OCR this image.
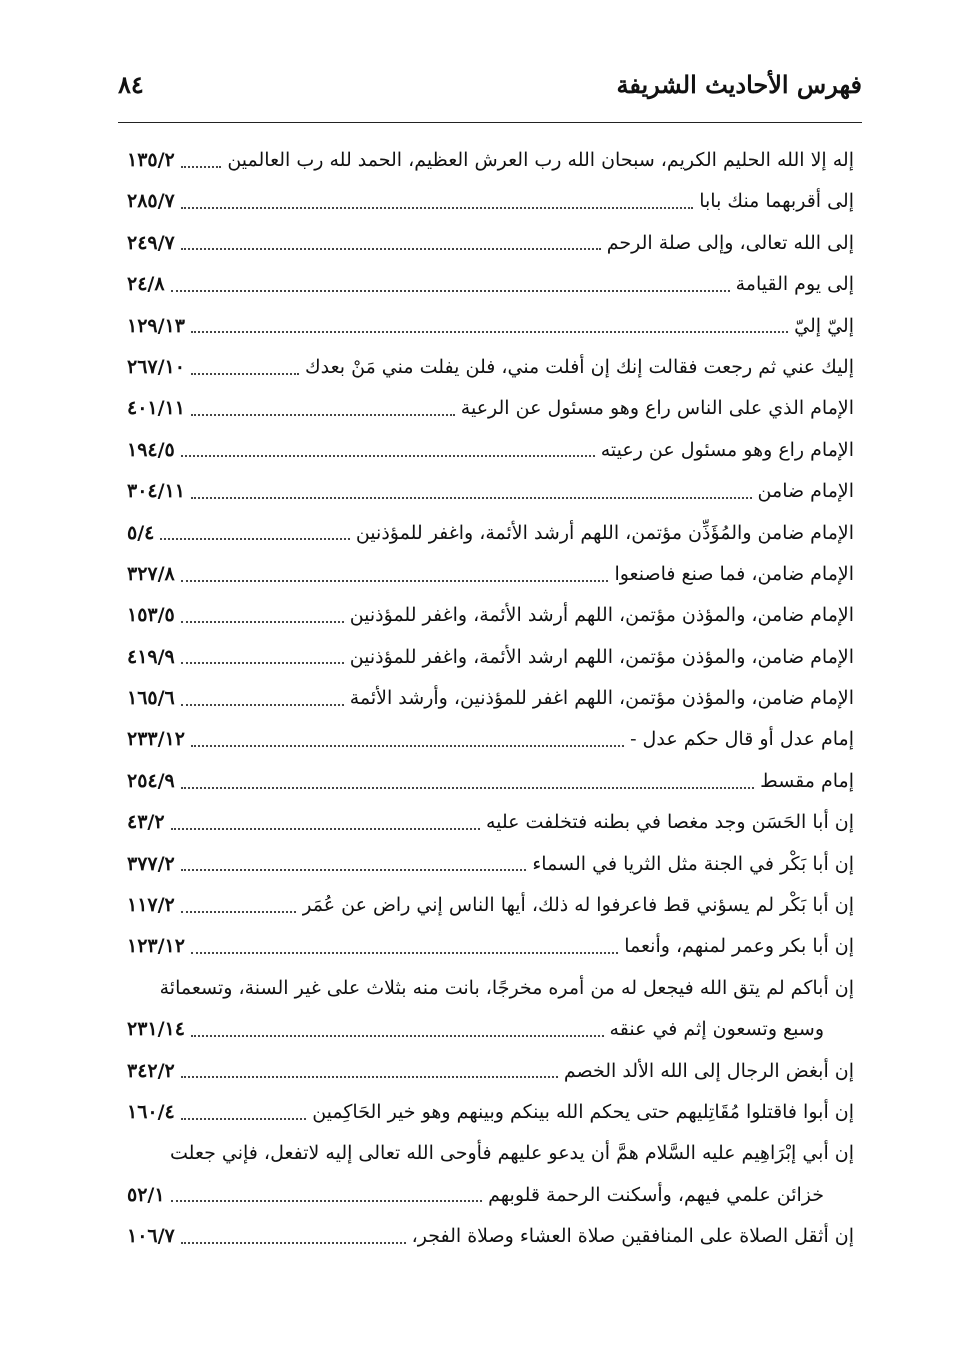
فهرس الأحاديث الشريفة
٨٤
إله إلا الله الحليم الكريم، سبحان الله رب العرش العظيم، الحمد لله رب العالمين
١٣٥/٢
إلى أقربهما منك بابا
٢٨٥/٧
إلى الله تعالى، وإلى صلة الرحم
٢٤٩/٧
إلى يوم القيامة
٢٤/٨
إليّ إليّ
١٢٩/١٣
إليك عني ثم رجعت فقالت إنك إن أفلت مني، فلن يفلت مني مَنْ بعدك
٢٦٧/١٠
الإمام الذي على الناس راع وهو مسئول عن الرعية
٤٠١/١١
الإمام راع وهو مسئول عن رعيته
١٩٤/٥
الإمام ضامن
٣٠٤/١١
الإمام ضامن والمُؤَذِّن مؤتمن، اللهم أرشد الأئمة، واغفر للمؤذنين
٥/٤
الإمام ضامن، فما صنع فاصنعوا
٣٢٧/٨
الإمام ضامن، والمؤذن مؤتمن، اللهم أرشد الأئمة، واغفر للمؤذنين
١٥٣/٥
الإمام ضامن، والمؤذن مؤتمن، اللهم ارشد الأئمة، واغفر للمؤذنين
٤١٩/٩
الإمام ضامن، والمؤذن مؤتمن، اللهم اغفر للمؤذنين، وأرشد الأئمة
١٦٥/٦
إمام عدل أو قال حكم عدل -
٢٣٣/١٢
إمام مقسط
٢٥٤/٩
إن أبا الحَسَن وجد مغصا في بطنه فتخلفت عليه
٤٣/٢
إن أبا بَكْر في الجنة مثل الثريا في السماء
٣٧٧/٢
إن أبا بَكْر لم يسؤني قط فاعرفوا له ذلك، أيها الناس إني راض عن عُمَر
١١٧/٢
إن أبا بكر وعمر لمنهم، وأنعما
١٢٣/١٢
إن أباكم لم يتق الله فيجعل له من أمره مخرجًا، بانت منه بثلاث على غير السنة، وتسعمائة
وسبع وتسعون إثم في عنقه
٢٣١/١٤
إن أبغض الرجال إلى الله الألد الخصم
٣٤٢/٢
إن أبوا فاقتلوا مُقَاتِليهم حتى يحكم الله بينكم وبينهم وهو خير الحَاكِمين
١٦٠/٤
إن أبي إبْرَاهِيم عليه السَّلام همَّ أن يدعو عليهم فأوحى الله تعالى إليه لاتفعل، فإني جعلت
خزائن علمي فيهم، وأسكنت الرحمة قلوبهم
٥٢/١
إن أثقل الصلاة على المنافقين صلاة العشاء وصلاة الفجر،
١٠٦/٧
